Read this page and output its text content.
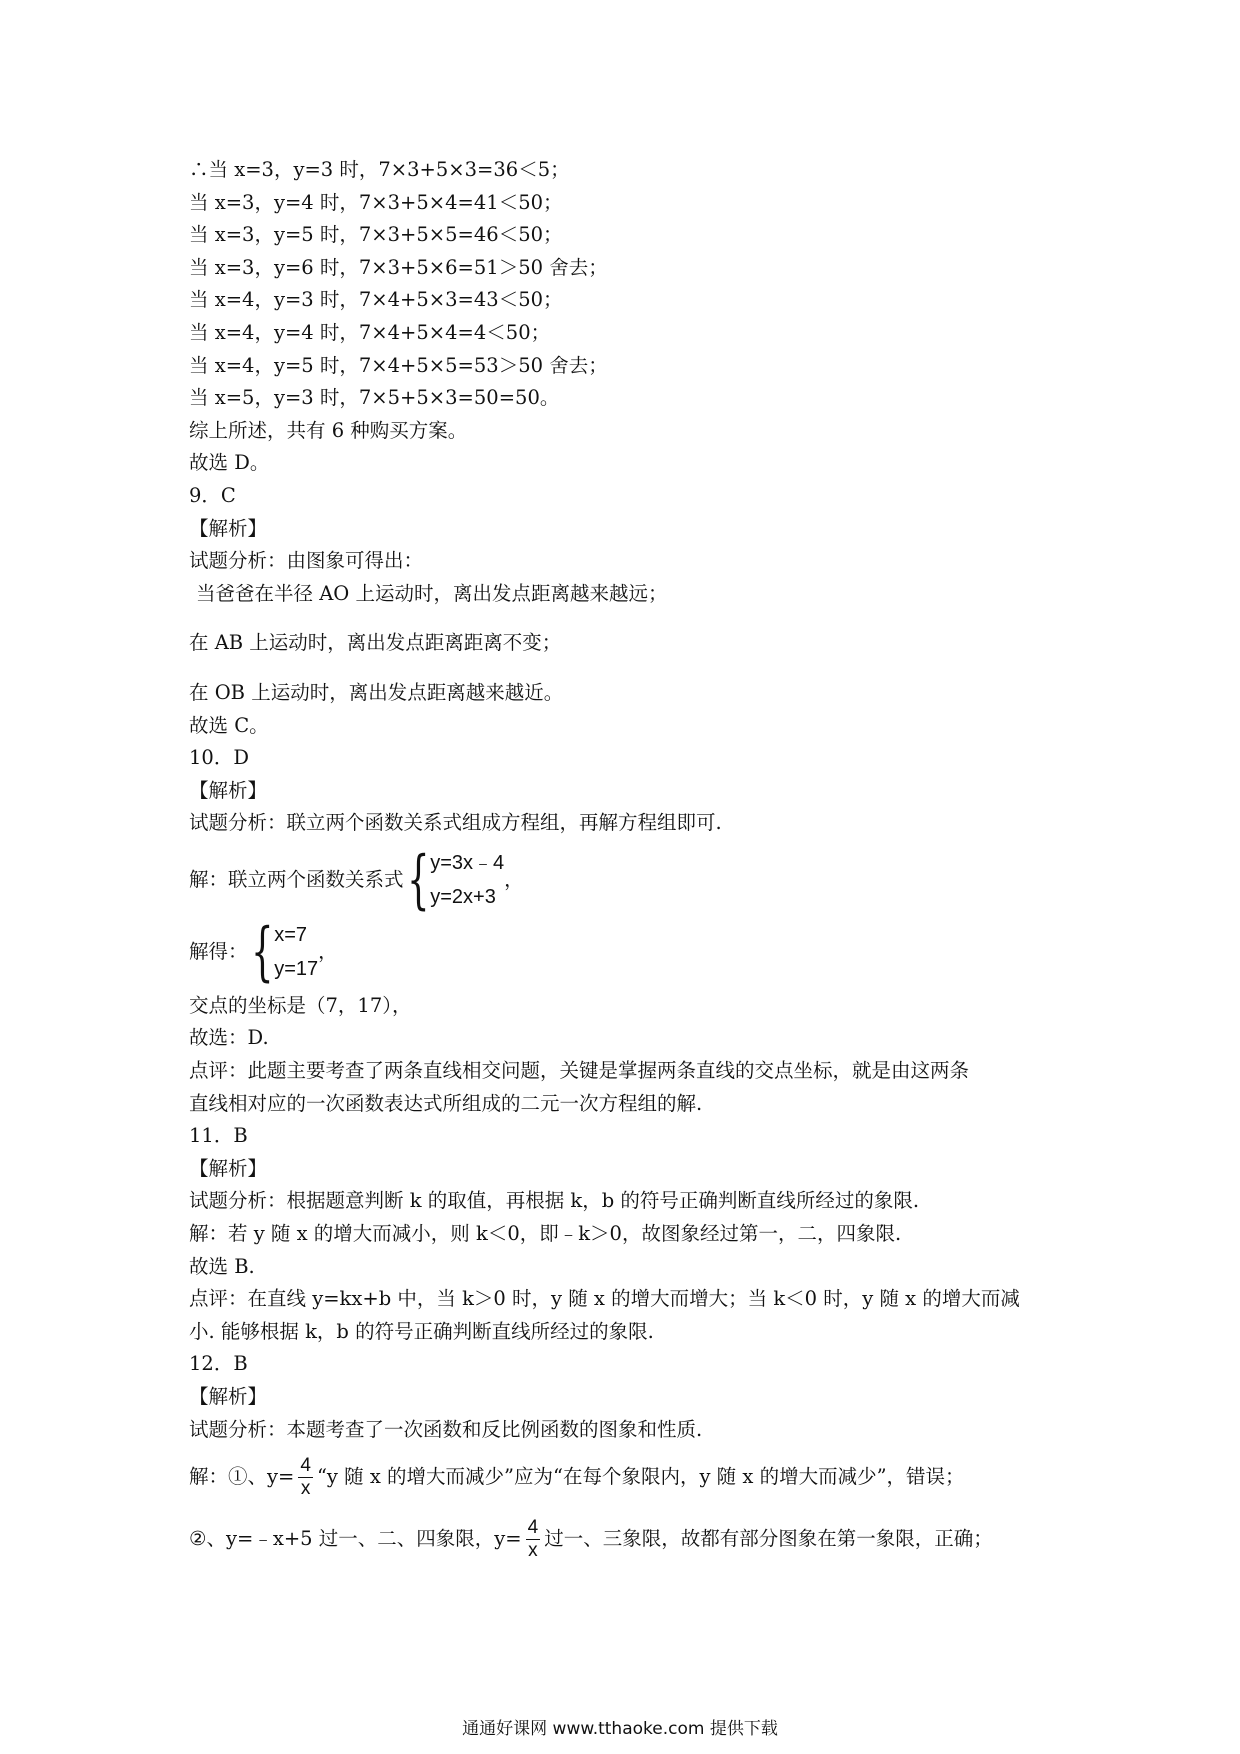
∴当 x=3，y=3 时，7×3+5×3=36＜5；
当 x=3，y=4 时，7×3+5×4=41＜50；
当 x=3，y=5 时，7×3+5×5=46＜50；
当 x=3，y=6 时，7×3+5×6=51＞50 舍去；
当 x=4，y=3 时，7×4+5×3=43＜50；
当 x=4，y=4 时，7×4+5×4=4＜50；
当 x=4，y=5 时，7×4+5×5=53＞50 舍去；
当 x=5，y=3 时，7×5+5×3=50=50。
综上所述，共有 6 种购买方案。
故选 D。
9．C
【解析】
试题分析：由图象可得出：
当爸爸在半径 AO 上运动时，离出发点距离越来越远；
在 AB 上运动时，离出发点距离距离不变；
在 OB 上运动时，离出发点距离越来越近。
故选 C。
10．D
【解析】
试题分析：联立两个函数关系式组成方程组，再解方程组即可.
解：联立两个函数关系式 { y=3x﹣4
y=2x+3
，
解得： { x=7
y=17
，
交点的坐标是（7，17），
故选：D.
点评：此题主要考查了两条直线相交问题，关键是掌握两条直线的交点坐标，就是由这两条
直线相对应的一次函数表达式所组成的二元一次方程组的解.
11．B
【解析】
试题分析：根据题意判断 k 的取值，再根据 k，b 的符号正确判断直线所经过的象限.
解：若 y 随 x 的增大而减小，则 k＜0，即﹣k＞0，故图象经过第一，二，四象限.
故选 B.
点评：在直线 y=kx+b 中，当 k＞0 时，y 随 x 的增大而增大；当 k＜0 时，y 随 x 的增大而减
小. 能够根据 k，b 的符号正确判断直线所经过的象限.
12．B
【解析】
试题分析：本题考查了一次函数和反比例函数的图象和性质.
解：①、$y= \frac{4}{x}$ “y 随 x 的增大而减少”应为“在每个象限内，y 随 x 的增大而减少”，错误；
②、y=﹣x+5 过一、二、四象限，$y= \frac{4}{x}$ 过一、三象限，故都有部分图象在第一象限，正确；
通通好课网 www.tthaoke.com 提供下载
